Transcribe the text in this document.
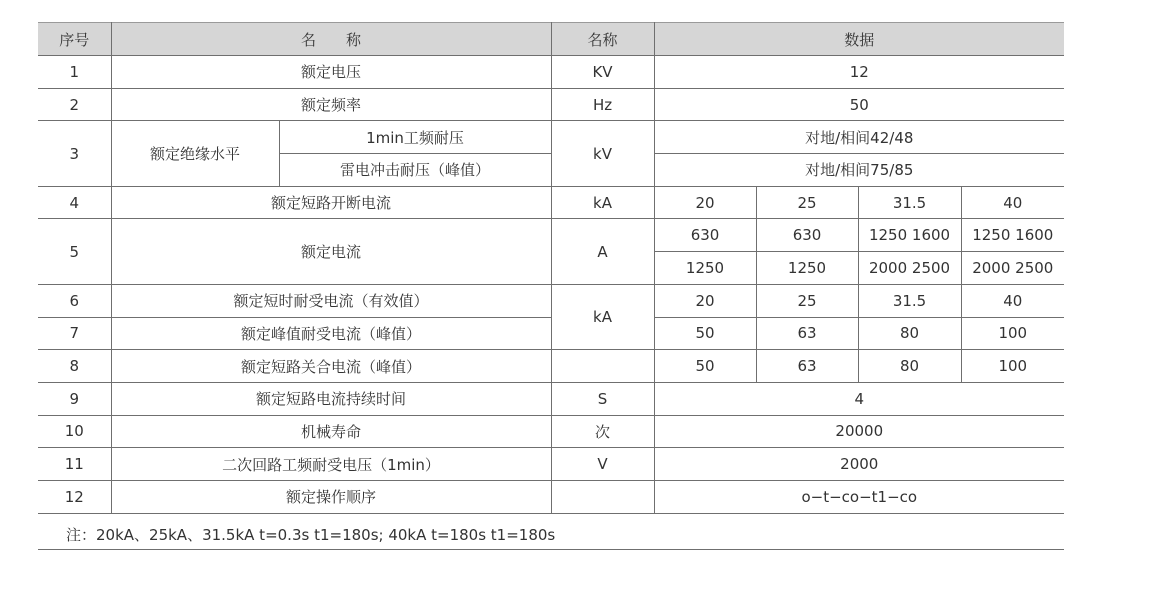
序号	名　　称		名称	数据			
1	额定电压		KV	12			
2	额定频率		Hz	50			
3	额定绝缘水平	1min工频耐压	kV	对地/相间42/48			
		雷电冲击耐压（峰值）		对地/相间75/85			
4	额定短路开断电流		kA	20	25	31.5	40
5	额定电流		A	630	630	1250 1600	1250 1600
				1250	1250	2000 2500	2000 2500
6	额定短时耐受电流（有效值）		kA	20	25	31.5	40
7	额定峰值耐受电流（峰值）			50	63	80	100
8	额定短路关合电流（峰值）			50	63	80	100
9	额定短路电流持续时间		S	4			
10	机械寿命		次	20000			
11	二次回路工频耐受电压（1min）		V	2000			
12	额定操作顺序			o−t−co−t1−co			
注：20kA、25kA、31.5kA t=0.3s t1=180s; 40kA t=180s t1=180s
